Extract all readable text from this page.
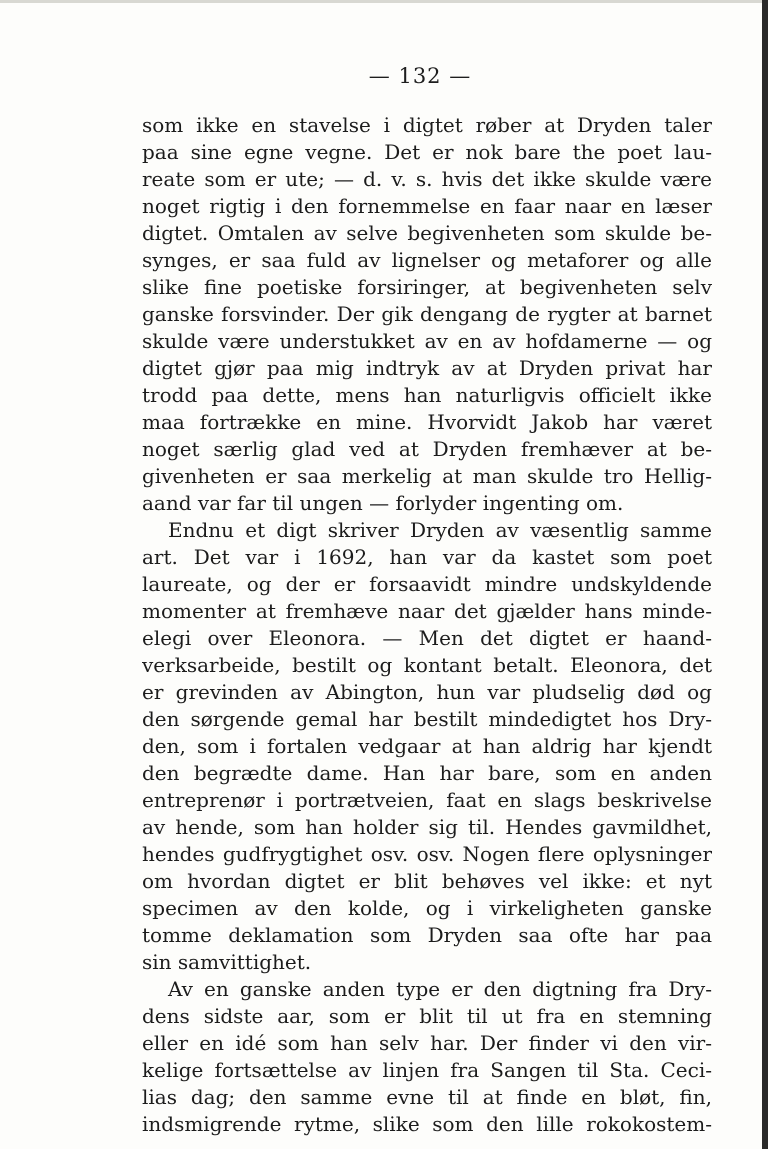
— 132 —
som ikke en stavelse i digtet røber at Dryden taler
paa sine egne vegne. Det er nok bare the poet lau-
reate som er ute; — d. v. s. hvis det ikke skulde være
noget rigtig i den fornemmelse en faar naar en læser
digtet. Omtalen av selve begivenheten som skulde be-
synges, er saa fuld av lignelser og metaforer og alle
slike fine poetiske forsiringer, at begivenheten selv
ganske forsvinder. Der gik dengang de rygter at barnet
skulde være understukket av en av hofdamerne — og
digtet gjør paa mig indtryk av at Dryden privat har
trodd paa dette, mens han naturligvis officielt ikke
maa fortrække en mine. Hvorvidt Jakob har været
noget særlig glad ved at Dryden fremhæver at be-
givenheten er saa merkelig at man skulde tro Hellig-
aand var far til ungen — forlyder ingenting om.
Endnu et digt skriver Dryden av væsentlig samme
art. Det var i 1692, han var da kastet som poet
laureate, og der er forsaavidt mindre undskyldende
momenter at fremhæve naar det gjælder hans minde-
elegi over Eleonora. — Men det digtet er haand-
verksarbeide, bestilt og kontant betalt. Eleonora, det
er grevinden av Abington, hun var pludselig død og
den sørgende gemal har bestilt mindedigtet hos Dry-
den, som i fortalen vedgaar at han aldrig har kjendt
den begrædte dame. Han har bare, som en anden
entreprenør i portrætveien, faat en slags beskrivelse
av hende, som han holder sig til. Hendes gavmildhet,
hendes gudfrygtighet osv. osv. Nogen flere oplysninger
om hvordan digtet er blit behøves vel ikke: et nyt
specimen av den kolde, og i virkeligheten ganske
tomme deklamation som Dryden saa ofte har paa
sin samvittighet.
Av en ganske anden type er den digtning fra Dry-
dens sidste aar, som er blit til ut fra en stemning
eller en idé som han selv har. Der finder vi den vir-
kelige fortsættelse av linjen fra Sangen til Sta. Ceci-
lias dag; den samme evne til at finde en bløt, fin,
indsmigrende rytme, slike som den lille rokokostem-
